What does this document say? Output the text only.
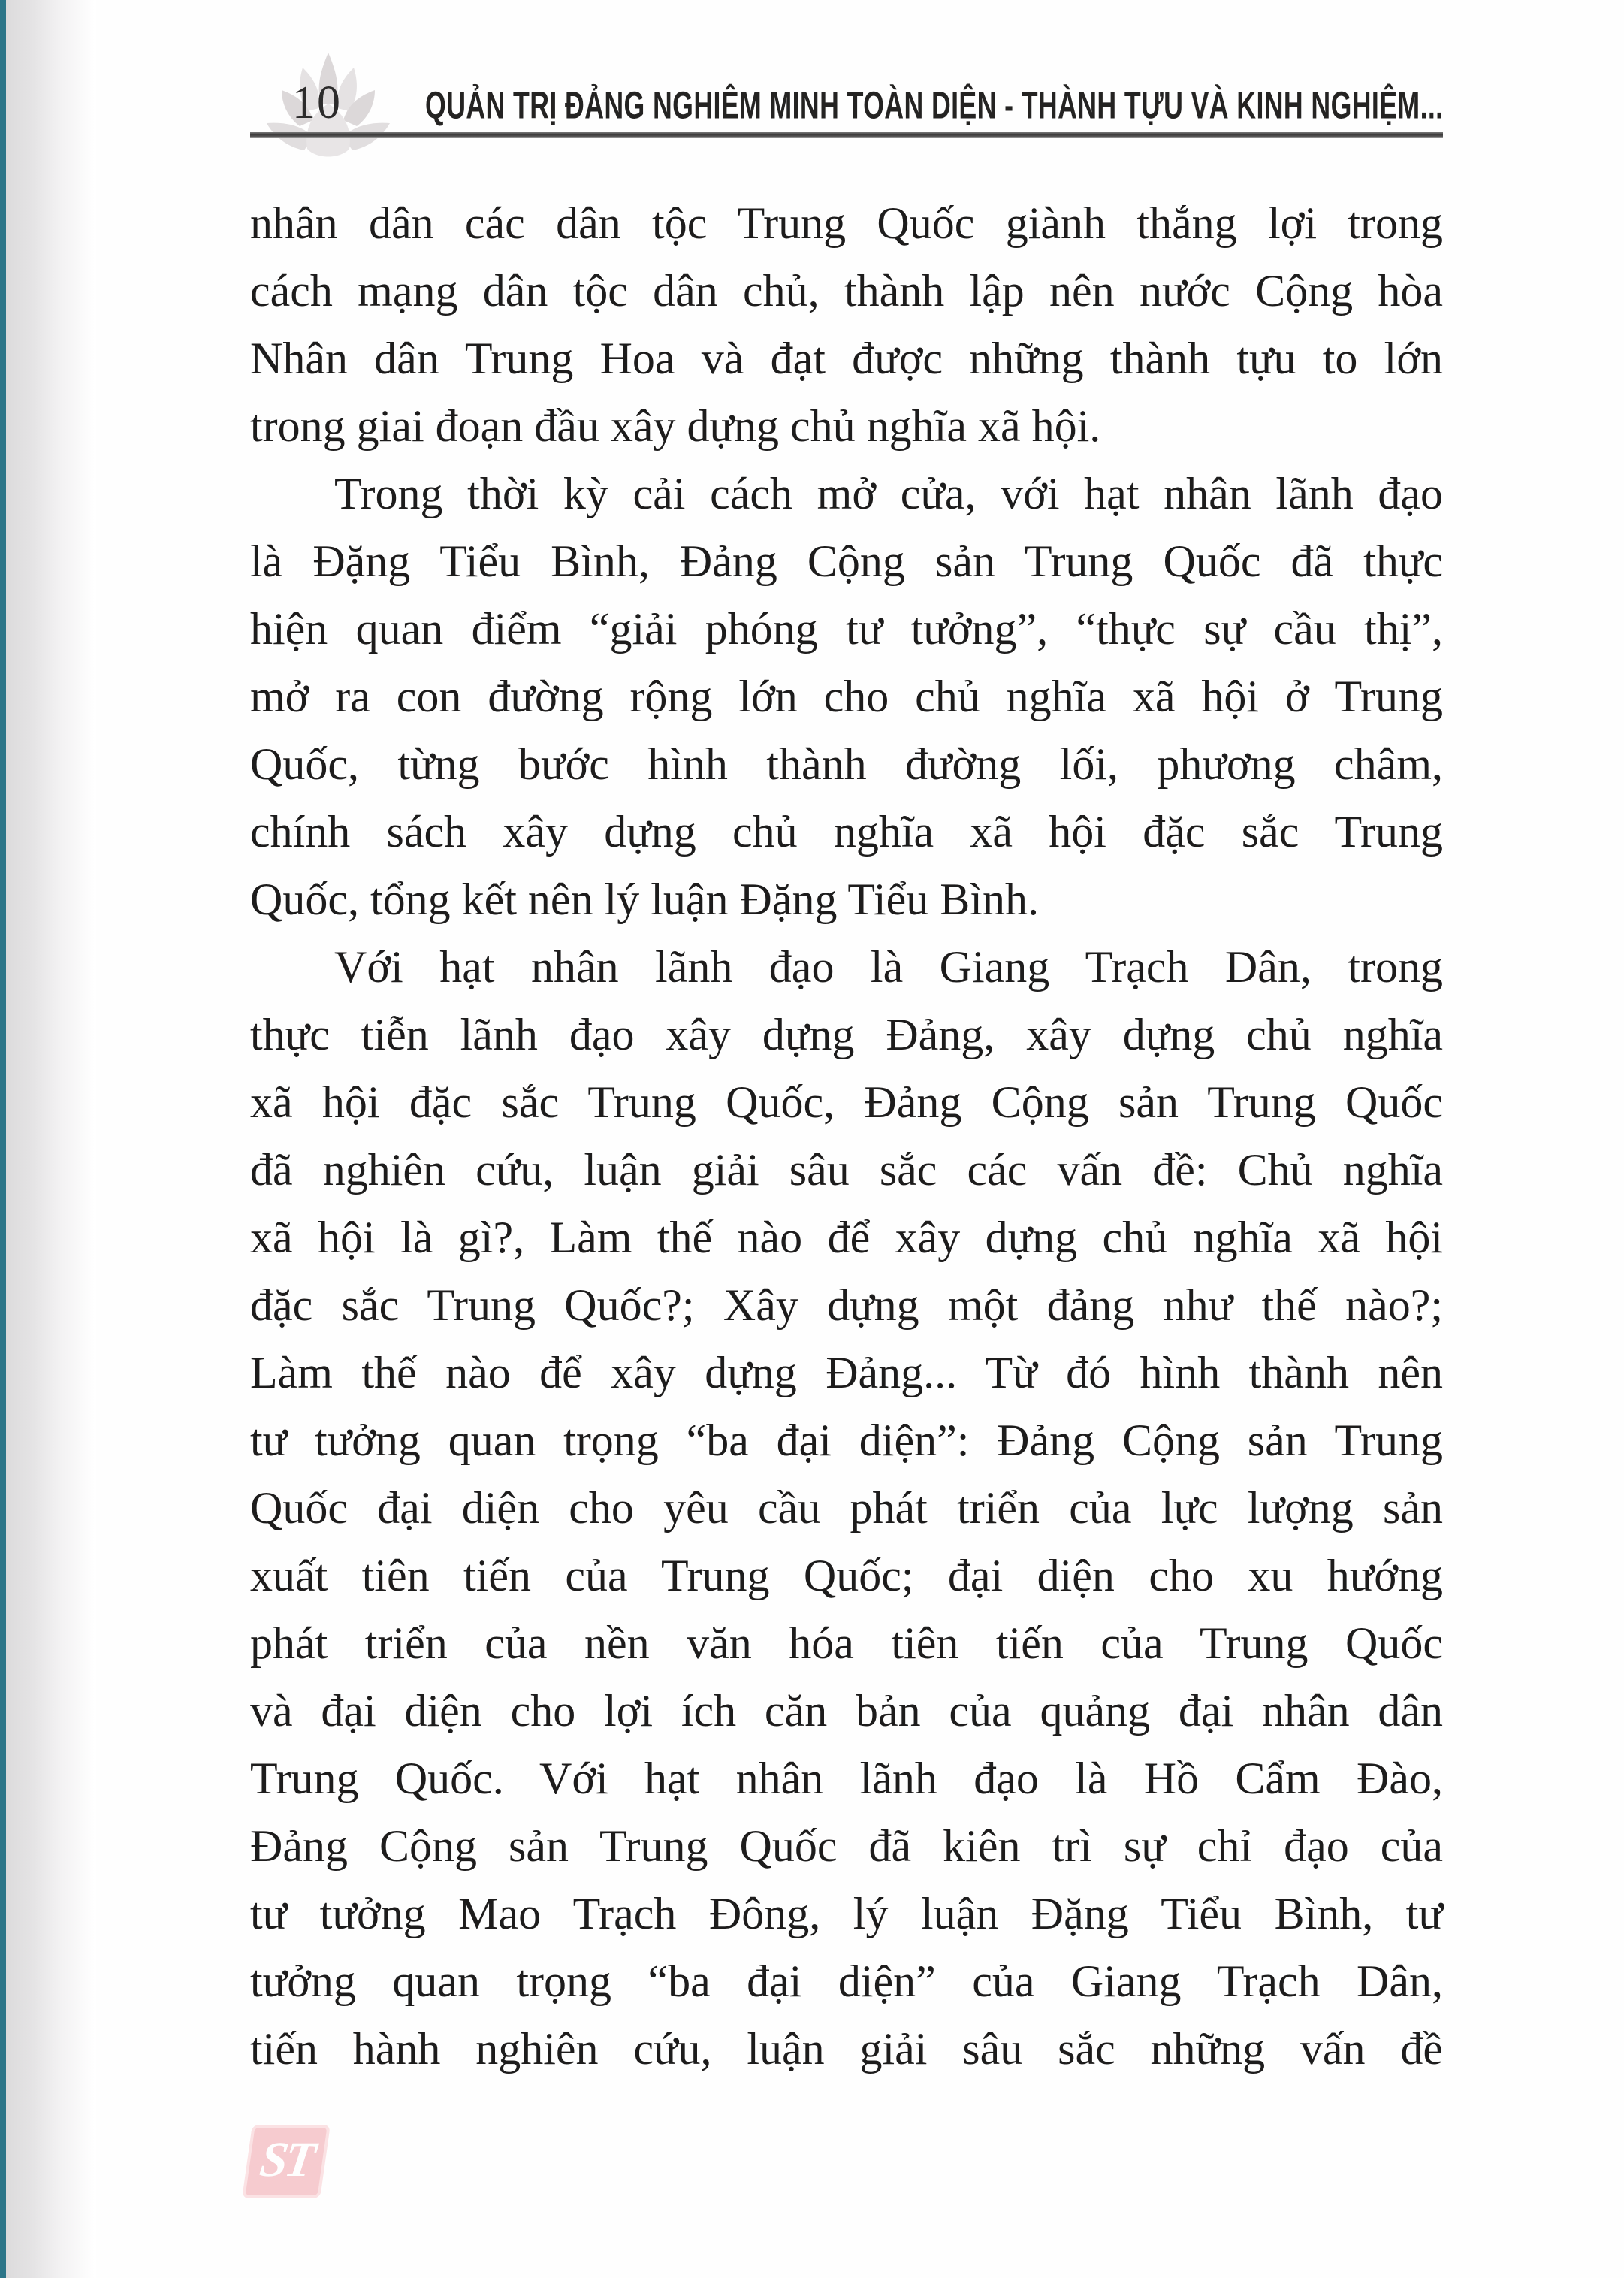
10 QUẢN TRỊ ĐẢNG NGHIÊM MINH TOÀN DIỆN - THÀNH TỰU VÀ KINH NGHIỆM...
nhân dân các dân tộc Trung Quốc giành thắng lợi trong
cách mạng dân tộc dân chủ, thành lập nên nước Cộng hòa
Nhân dân Trung Hoa và đạt được những thành tựu to lớn
trong giai đoạn đầu xây dựng chủ nghĩa xã hội.
Trong thời kỳ cải cách mở cửa, với hạt nhân lãnh đạo
là Đặng Tiểu Bình, Đảng Cộng sản Trung Quốc đã thực
hiện quan điểm “giải phóng tư tưởng”, “thực sự cầu thị”,
mở ra con đường rộng lớn cho chủ nghĩa xã hội ở Trung
Quốc, từng bước hình thành đường lối, phương châm,
chính sách xây dựng chủ nghĩa xã hội đặc sắc Trung
Quốc, tổng kết nên lý luận Đặng Tiểu Bình.
Với hạt nhân lãnh đạo là Giang Trạch Dân, trong
thực tiễn lãnh đạo xây dựng Đảng, xây dựng chủ nghĩa
xã hội đặc sắc Trung Quốc, Đảng Cộng sản Trung Quốc
đã nghiên cứu, luận giải sâu sắc các vấn đề: Chủ nghĩa
xã hội là gì?, Làm thế nào để xây dựng chủ nghĩa xã hội
đặc sắc Trung Quốc?; Xây dựng một đảng như thế nào?;
Làm thế nào để xây dựng Đảng... Từ đó hình thành nên
tư tưởng quan trọng “ba đại diện”: Đảng Cộng sản Trung
Quốc đại diện cho yêu cầu phát triển của lực lượng sản
xuất tiên tiến của Trung Quốc; đại diện cho xu hướng
phát triển của nền văn hóa tiên tiến của Trung Quốc
và đại diện cho lợi ích căn bản của quảng đại nhân dân
Trung Quốc. Với hạt nhân lãnh đạo là Hồ Cẩm Đào,
Đảng Cộng sản Trung Quốc đã kiên trì sự chỉ đạo của
tư tưởng Mao Trạch Đông, lý luận Đặng Tiểu Bình, tư
tưởng quan trọng “ba đại diện” của Giang Trạch Dân,
tiến hành nghiên cứu, luận giải sâu sắc những vấn đề
ST
